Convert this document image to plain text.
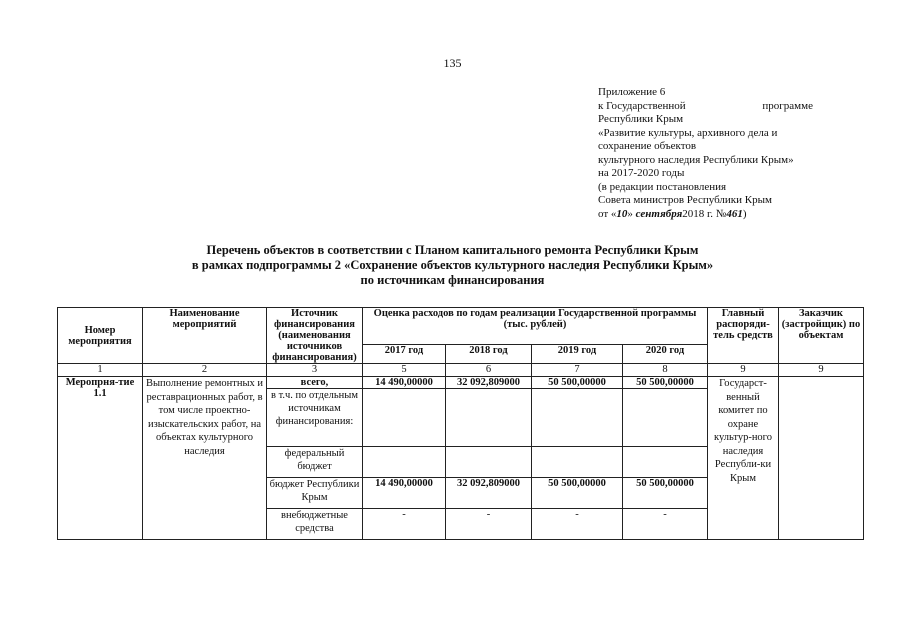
135
Приложение 6
к Государственной	программе
Республики Крым
«Развитие культуры, архивного дела и
сохранение объектов
культурного наследия Республики Крым»
на 2017-2020 годы
(в редакции постановления
Совета министров Республики Крым
от «10» сентября2018 г. №461)
Перечень объектов в соответствии с Планом капитального ремонта Республики Крым
в рамках подпрограммы 2 «Сохранение объектов культурного наследия Республики Крым»
по источникам финансирования
Номер мероприятия	Наименование мероприятий	Источник финансирования (наименования источников финансирования)	Оценка расходов по годам реализации Государственной программы (тыс. рублей)				Главный распоряди-тель средств	Заказчик (застройщик) по объектам
			2017 год	2018 год	2019 год	2020 год		
1	2	3	5	6	7	8	9	9
Меропрня-тие 1.1	Выполнение ремонтных и реставрационных работ, в том числе проектно-изыскательских работ, на объектах культурного наследия	всего,	14 490,00000	32 092,809000	50 500,00000	50 500,00000	Государст-венный комитет по охране культур-ного наследия Республи-ки Крым	
		в т.ч. по отдельным источникам финансирования:						
		федеральный бюджет						
		бюджет Республики Крым	14 490,00000	32 092,809000	50 500,00000	50 500,00000		
		внебюджетные средства	-	-	-	-		
